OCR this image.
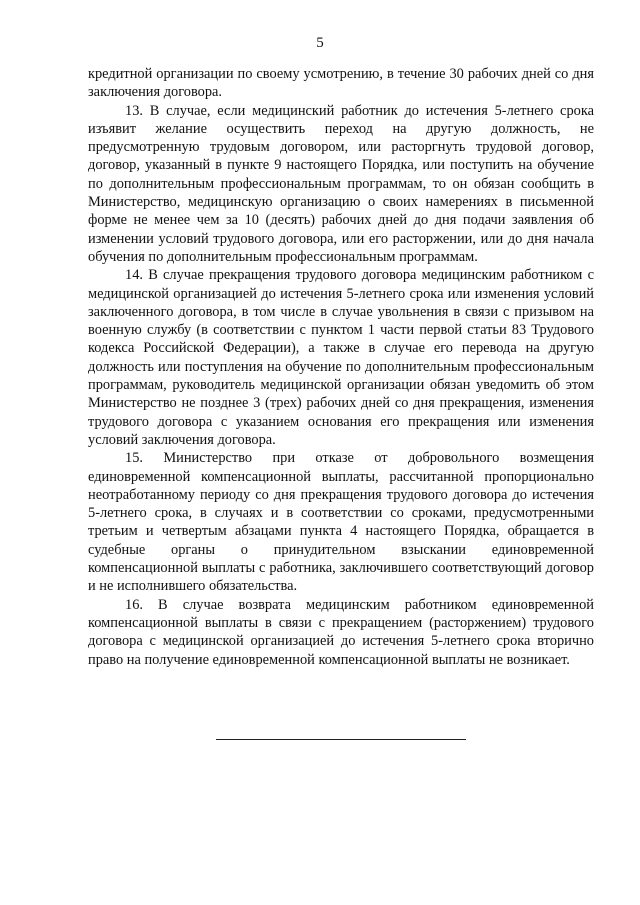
5

кредитной организации по своему усмотрению, в течение 30 рабочих дней со дня заключения договора.

13. В случае, если медицинский работник до истечения 5-летнего срока изъявит желание осуществить переход на другую должность, не предусмотренную трудовым договором, или расторгнуть трудовой договор, договор, указанный в пункте 9 настоящего Порядка, или поступить на обучение по дополнительным профессиональным программам, то он обязан сообщить в Министерство, медицинскую организацию о своих намерениях в письменной форме не менее чем за 10 (десять) рабочих дней до дня подачи заявления об изменении условий трудового договора, или его расторжении, или до дня начала обучения по дополнительным профессиональным программам.

14. В случае прекращения трудового договора медицинским работником с медицинской организацией до истечения 5-летнего срока или изменения условий заключенного договора, в том числе в случае увольнения в связи с призывом на военную службу (в соответствии с пунктом 1 части первой статьи 83 Трудового кодекса Российской Федерации), а также в случае его перевода на другую должность или поступления на обучение по дополнительным профессиональным программам, руководитель медицинской организации обязан уведомить об этом Министерство не позднее 3 (трех) рабочих дней со дня прекращения, изменения трудового договора с указанием основания его прекращения или изменения условий заключения договора.

15. Министерство при отказе от добровольного возмещения единовременной компенсационной выплаты, рассчитанной пропорционально неотработанному периоду со дня прекращения трудового договора до истечения 5-летнего срока, в случаях и в соответствии со сроками, предусмотренными третьим и четвертым абзацами пункта 4 настоящего Порядка, обращается в судебные органы о принудительном взыскании единовременной компенсационной выплаты с работника, заключившего соответствующий договор и не исполнившего обязательства.

16. В случае возврата медицинским работником единовременной компенсационной выплаты в связи с прекращением (расторжением) трудового договора с медицинской организацией до истечения 5-летнего срока вторично право на получение единовременной компенсационной выплаты не возникает.
